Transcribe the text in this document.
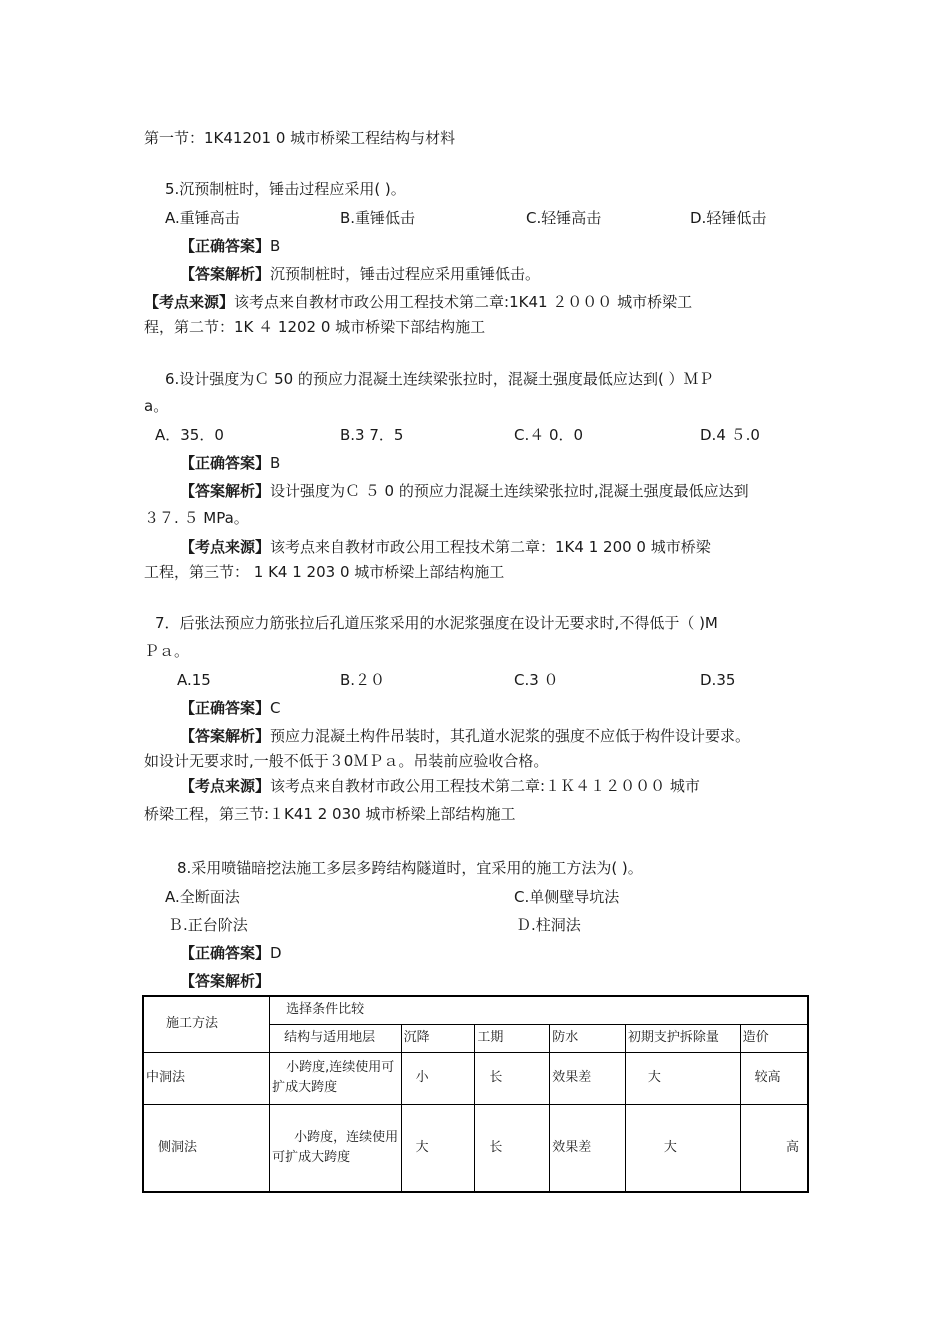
第一节：1K41201 0 城市桥梁工程结构与材料
5.沉预制桩时，锤击过程应采用( )。
A.重锤高击	B.重锤低击	C.轻锤高击	D.轻锤低击
【正确答案】B
【答案解析】沉预制桩时，锤击过程应采用重锤低击。
【考点来源】该考点来自教材市政公用工程技术第二章:1K41 ２０００ 城市桥梁工
程，第二节：1K ４ 1202 0 城市桥梁下部结构施工
6.设计强度为Ｃ 50 的预应力混凝土连续梁张拉时，混凝土强度最低应达到( ）ＭＰ
a。
A．35．0	B.3 7．5	C.４ 0．0	D.4 ５.0
【正确答案】B
【答案解析】设计强度为Ｃ ５ 0 的预应力混凝土连续梁张拉时,混凝土强度最低应达到
３７. ５ MPa。
【考点来源】该考点来自教材市政公用工程技术第二章：1K4 1 200 0 城市桥梁
工程，第三节： 1 K4 1 203 0 城市桥梁上部结构施工
7．后张法预应力筋张拉后孔道压浆采用的水泥浆强度在设计无要求时,不得低于（ )M
Ｐａ。
A.15	B.２０	C.3 ０	D.35
【正确答案】C
【答案解析】预应力混凝土构件吊装时，其孔道水泥浆的强度不应低于构件设计要求。
如设计无要求时,一般不低于３0ＭＰａ。吊装前应验收合格。
【考点来源】该考点来自教材市政公用工程技术第二章:１Ｋ４１２０００ 城市
桥梁工程，第三节:１K41 2 030 城市桥梁上部结构施工
8.采用喷锚暗挖法施工多层多跨结构隧道时，宜采用的施工方法为( )。
A.全断面法	C.单侧壁导坑法
Ｂ.正台阶法	Ｄ.柱洞法
【正确答案】D
【答案解析】
施工方法	选择条件比较					
	结构与适用地层	沉降	工期	防水	初期支护拆除量	造价
中洞法	小跨度,连续使用可扩成大跨度	小	长	效果差	大	较高
侧洞法	小跨度，连续使用可扩成大跨度	大	长	效果差	大	高
